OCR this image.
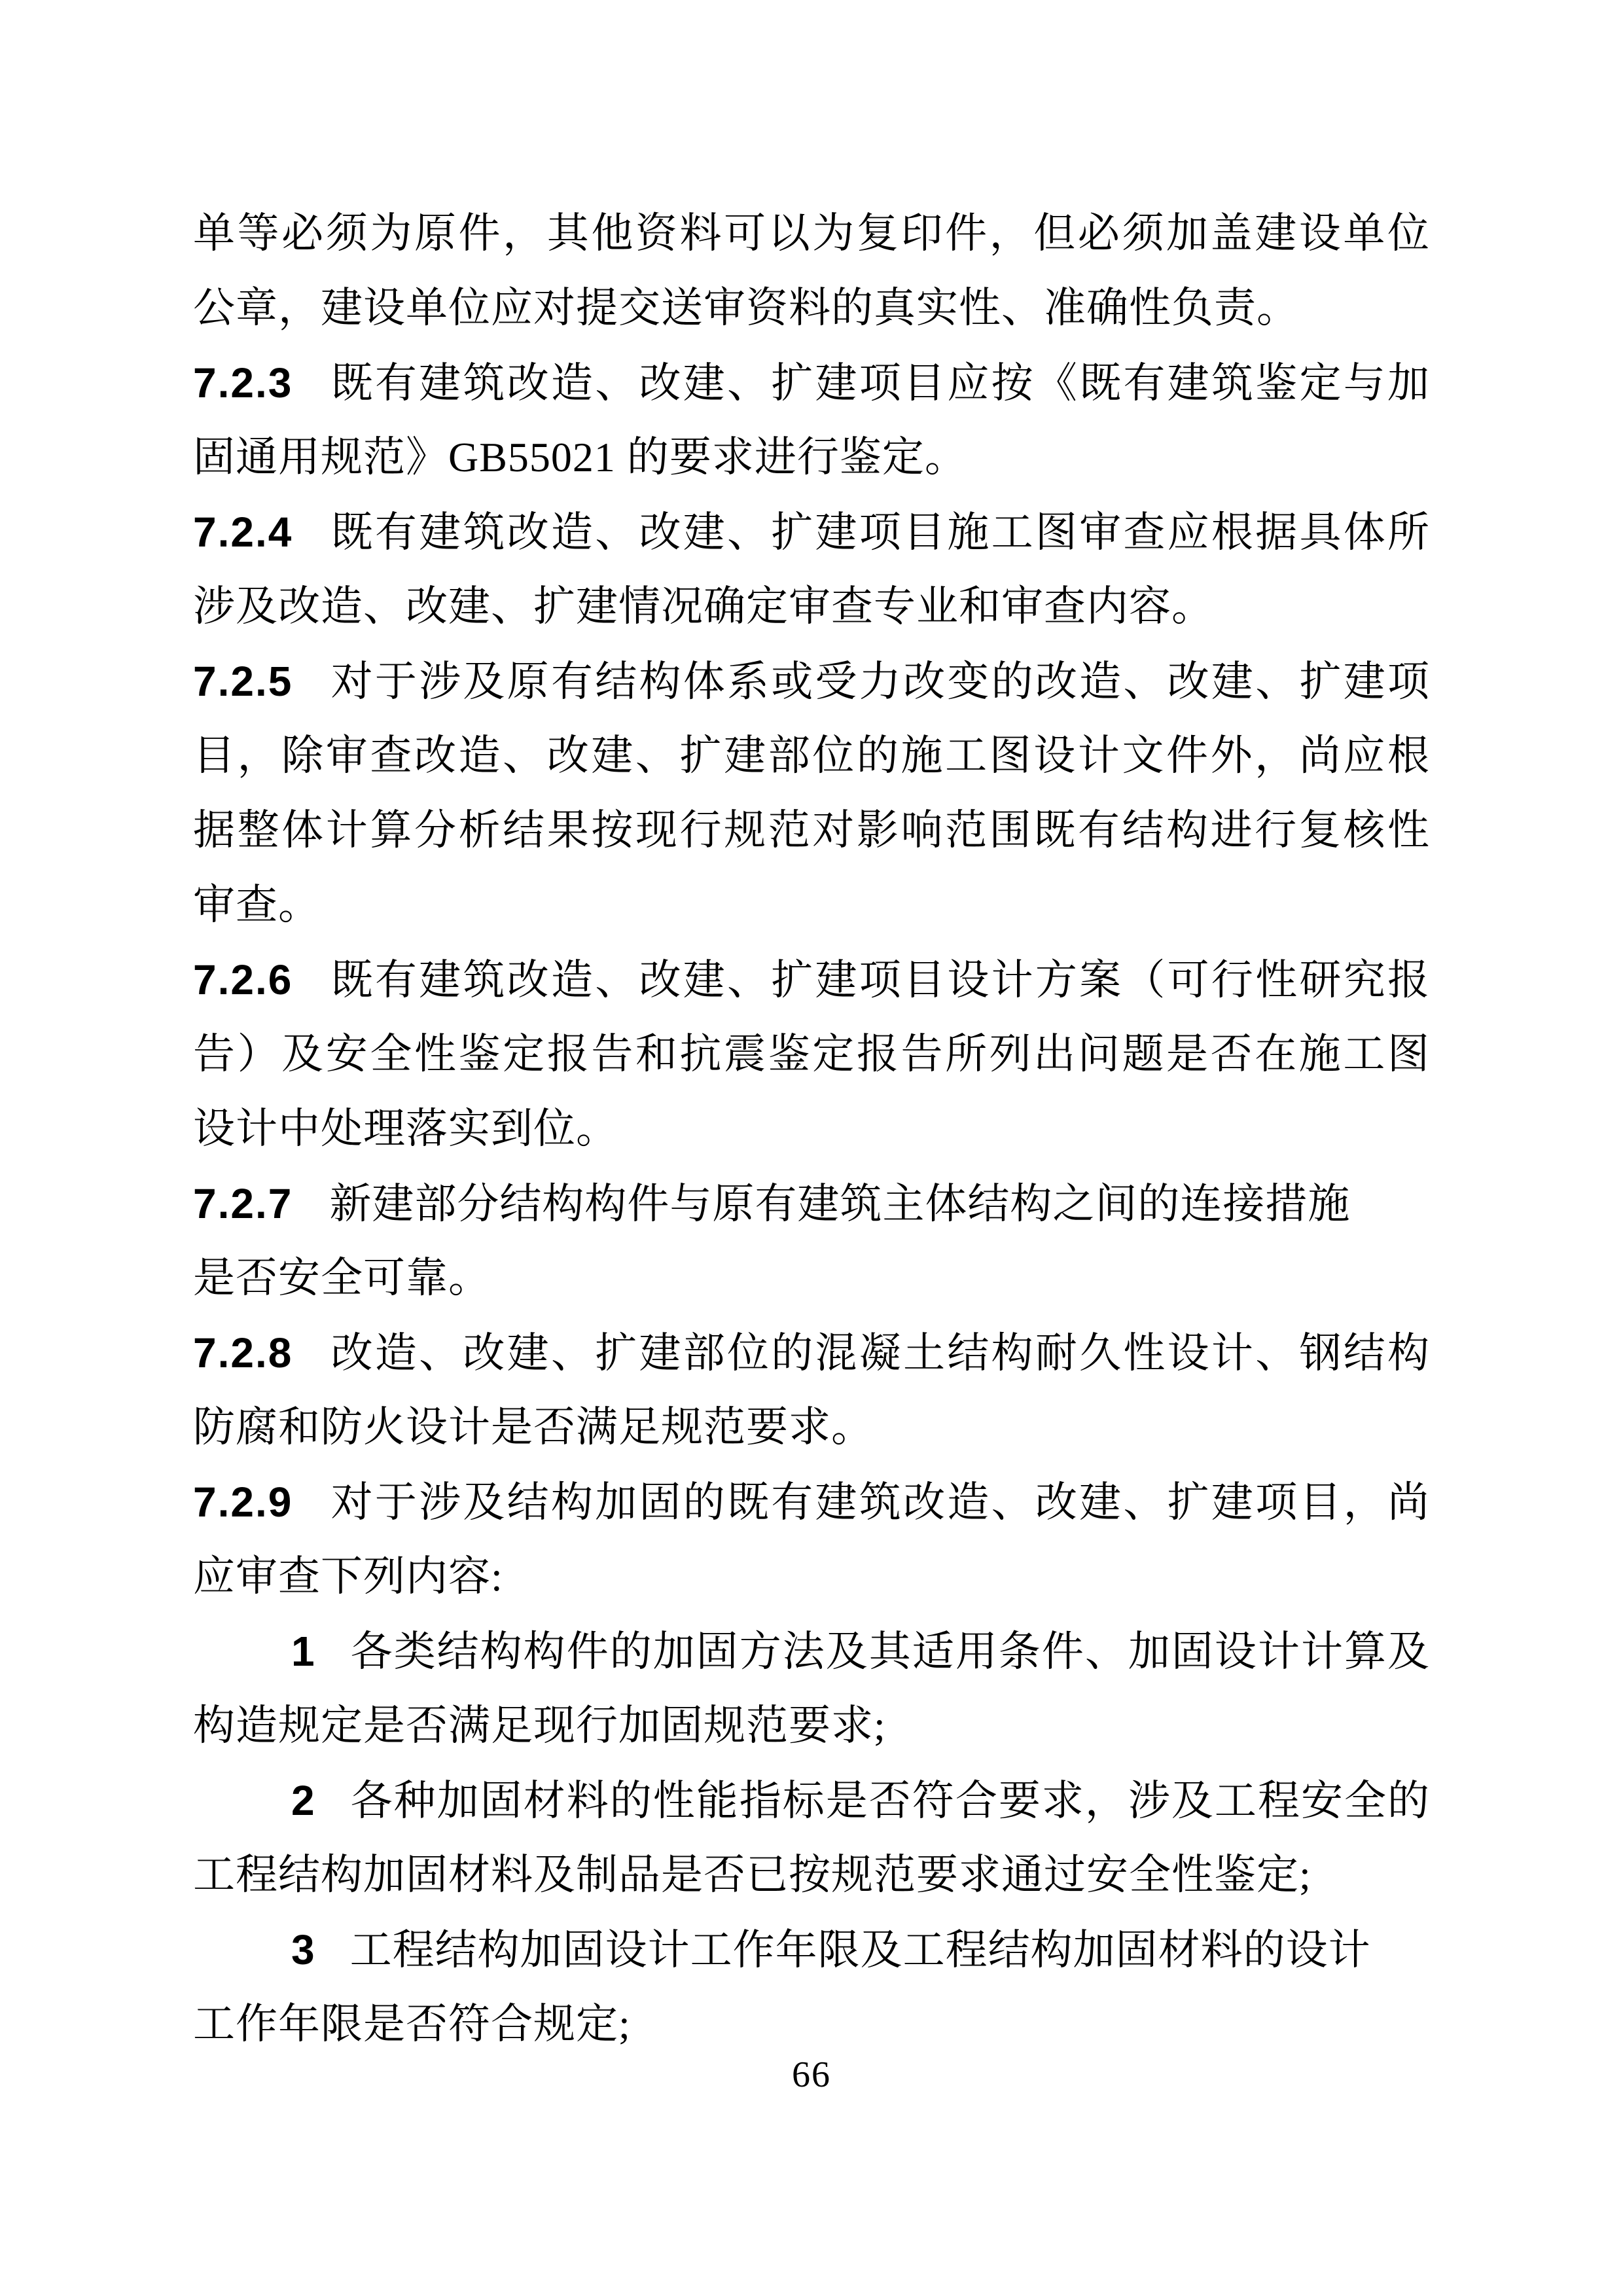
单等必须为原件，其他资料可以为复印件，但必须加盖建设单位
公章，建设单位应对提交送审资料的真实性、准确性负责。
7.2.3 既有建筑改造、改建、扩建项目应按《既有建筑鉴定与加
固通用规范》GB55021 的要求进行鉴定。
7.2.4 既有建筑改造、改建、扩建项目施工图审查应根据具体所
涉及改造、改建、扩建情况确定审查专业和审查内容。
7.2.5 对于涉及原有结构体系或受力改变的改造、改建、扩建项
目，除审查改造、改建、扩建部位的施工图设计文件外，尚应根
据整体计算分析结果按现行规范对影响范围既有结构进行复核性
审查。
7.2.6 既有建筑改造、改建、扩建项目设计方案（可行性研究报
告）及安全性鉴定报告和抗震鉴定报告所列出问题是否在施工图
设计中处理落实到位。
7.2.7 新建部分结构构件与原有建筑主体结构之间的连接措施
是否安全可靠。
7.2.8 改造、改建、扩建部位的混凝土结构耐久性设计、钢结构
防腐和防火设计是否满足规范要求。
7.2.9 对于涉及结构加固的既有建筑改造、改建、扩建项目，尚
应审查下列内容:
1 各类结构构件的加固方法及其适用条件、加固设计计算及
构造规定是否满足现行加固规范要求;
2 各种加固材料的性能指标是否符合要求，涉及工程安全的
工程结构加固材料及制品是否已按规范要求通过安全性鉴定;
3 工程结构加固设计工作年限及工程结构加固材料的设计
工作年限是否符合规定;
66
